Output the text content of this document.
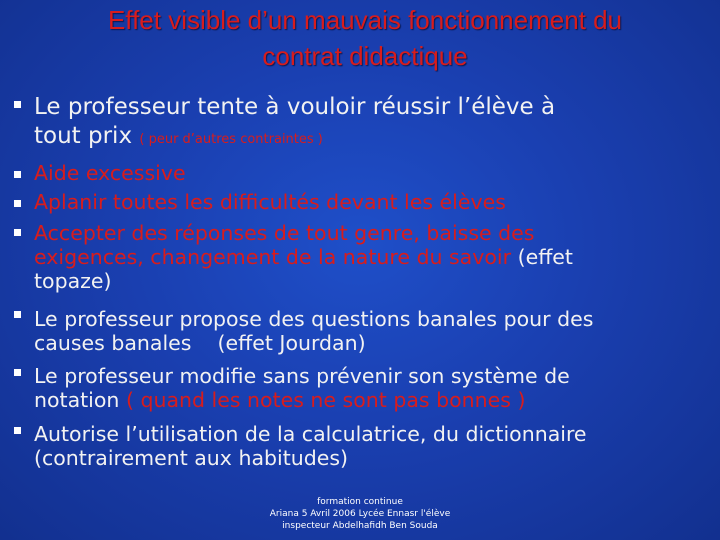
Effet visible d’un mauvais fonctionnement du
contrat didactique
Le professeur tente à vouloir réussir l’élève à
tout prix ( peur d’autres contraintes )
Aide excessive
Aplanir toutes les difficultés devant les élèves
Accepter des réponses de tout genre, baisse des
exigences, changement de la nature du savoir (effet
topaze)
Le professeur propose des questions banales pour des
causes banales    (effet Jourdan)
Le professeur modifie sans prévenir son système de
notation ( quand les notes ne sont pas bonnes )
Autorise l’utilisation de la calculatrice, du dictionnaire
(contrairement aux habitudes)
formation continue
Ariana 5 Avril 2006 Lycée Ennasr l'élève
inspecteur Abdelhafidh Ben Souda
